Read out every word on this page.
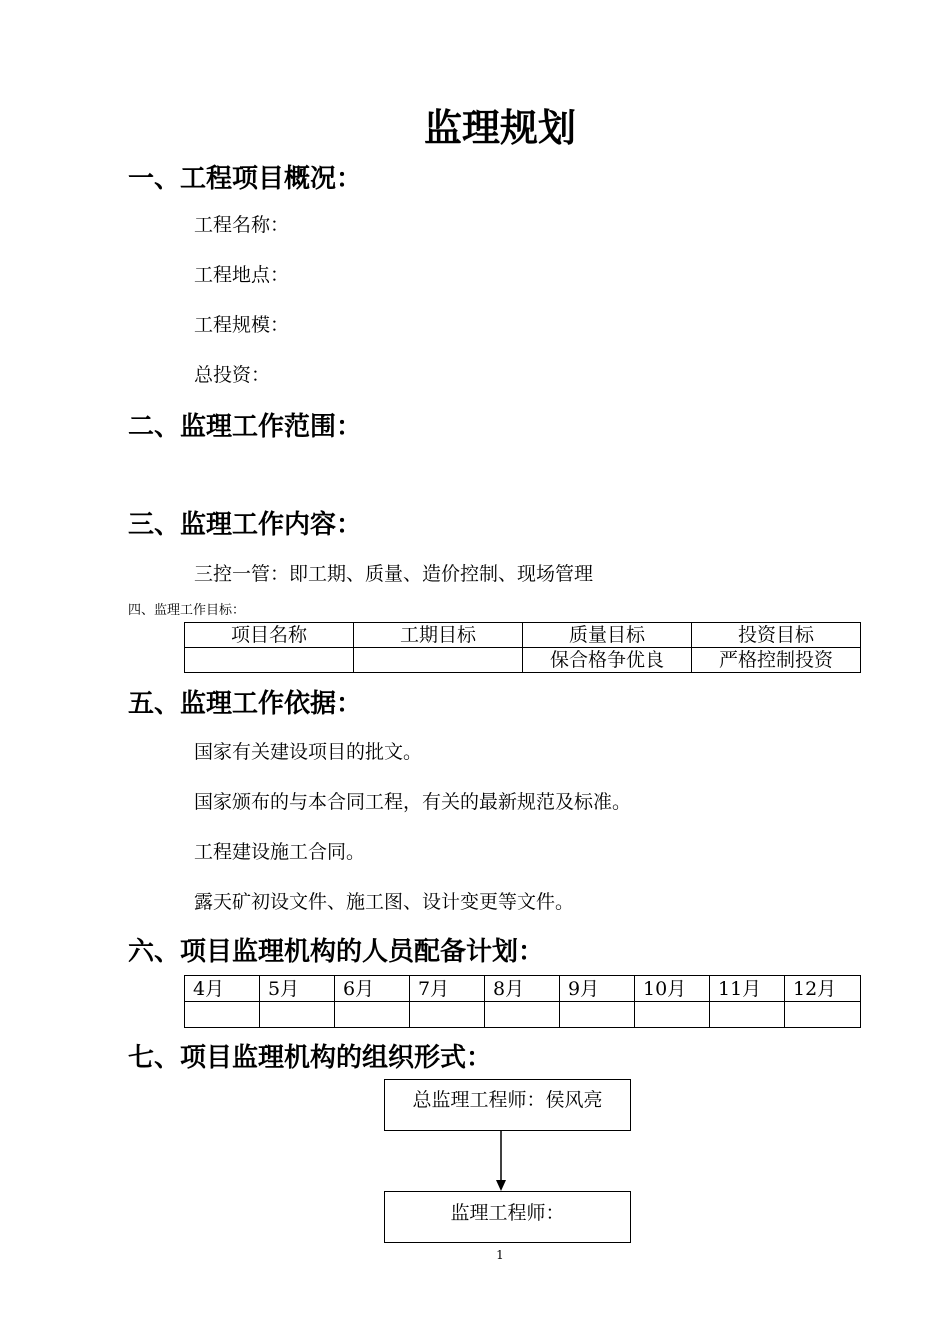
监理规划
一、工程项目概况：
工程名称：
工程地点：
工程规模：
总投资：
二、监理工作范围：
三、监理工作内容：
三控一管：即工期、质量、造价控制、现场管理
四、监理工作目标：
项目名称	工期目标	质量目标	投资目标
		保合格争优良	严格控制投资
五、监理工作依据：
国家有关建设项目的批文。
国家颁布的与本合同工程，有关的最新规范及标准。
工程建设施工合同。
露天矿初设文件、施工图、设计变更等文件。
六、项目监理机构的人员配备计划：
4月	5月	6月	7月	8月	9月	10月	11月	12月

七、项目监理机构的组织形式：
总监理工程师：侯风亮
监理工程师：
1
